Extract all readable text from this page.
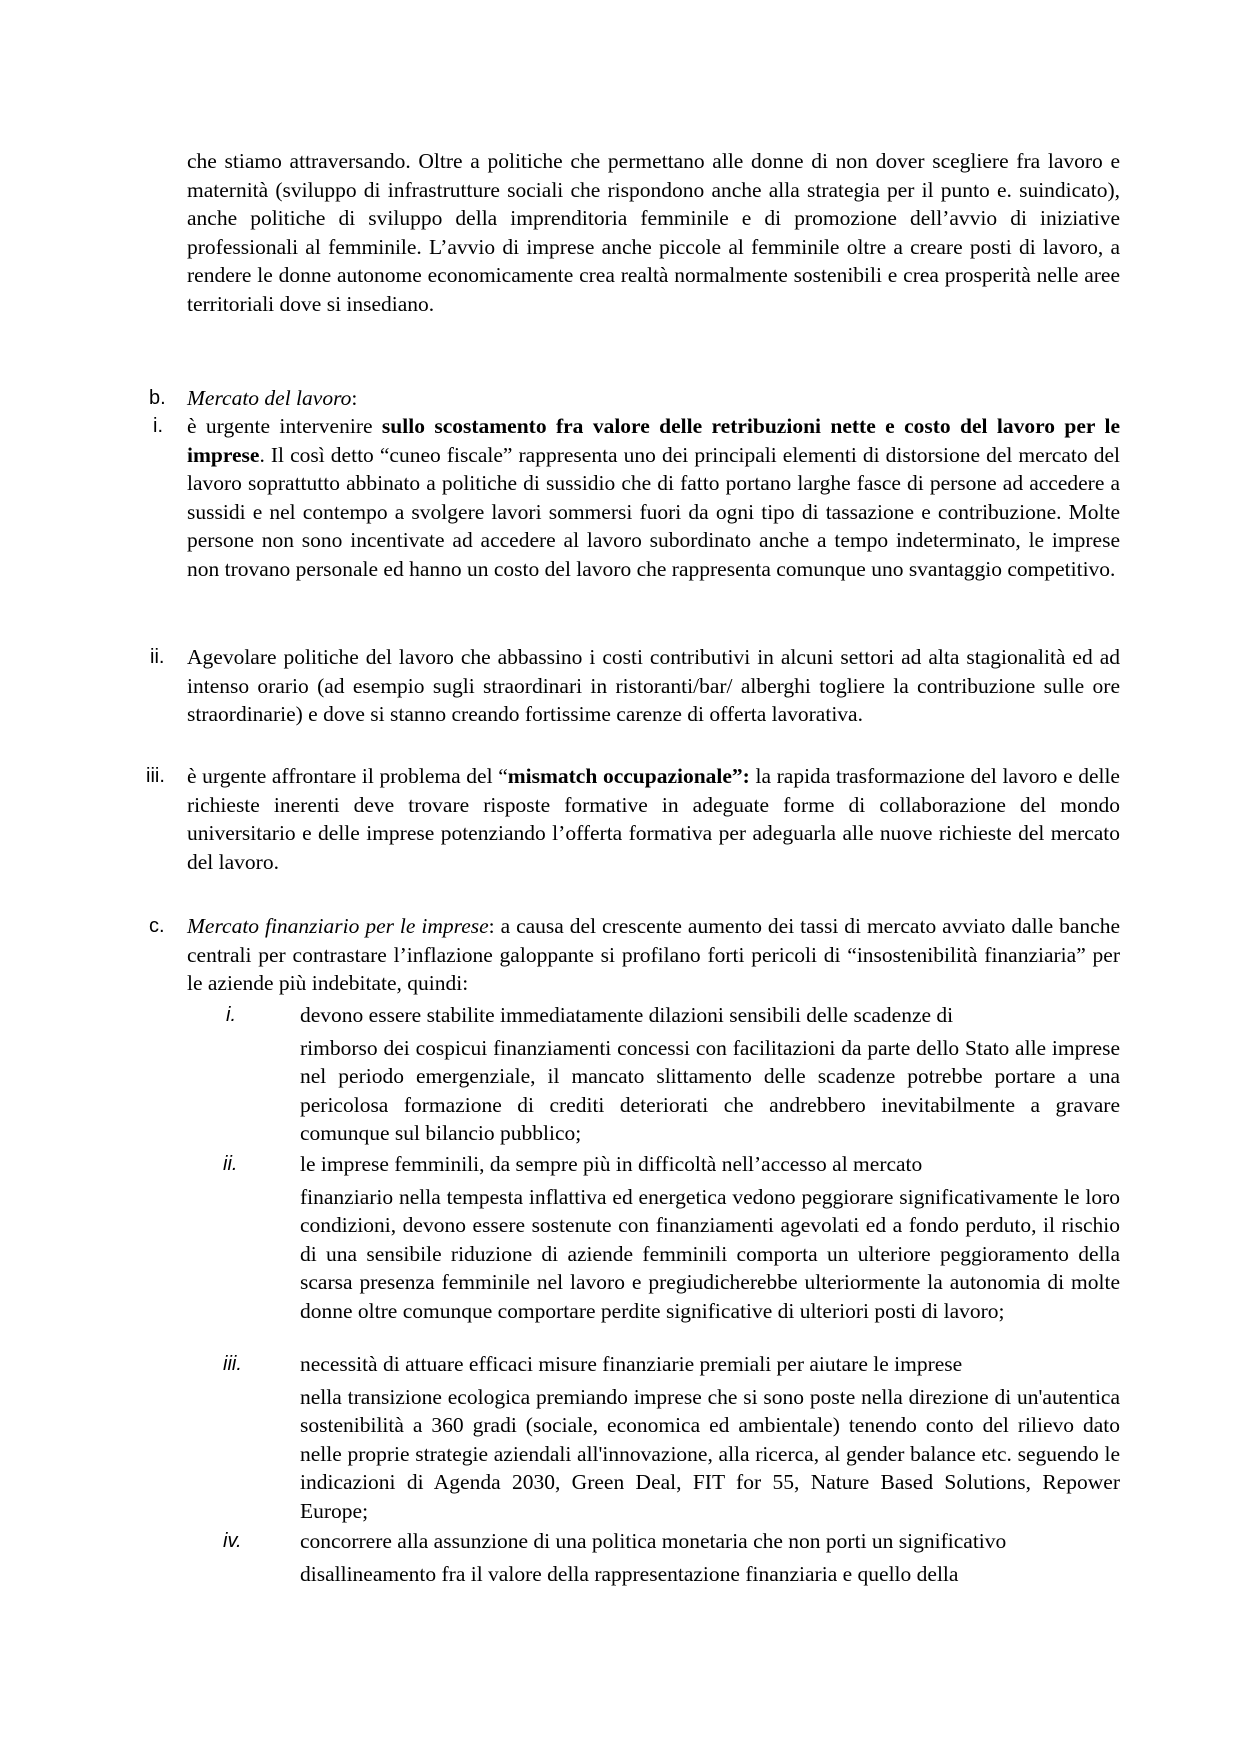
che stiamo attraversando. Oltre a politiche che permettano alle donne di non dover scegliere fra lavoro e maternità (sviluppo di infrastrutture sociali che rispondono anche alla strategia per il punto e. suindicato), anche politiche di sviluppo della imprenditoria femminile e di promozione dell’avvio di iniziative professionali al femminile. L’avvio di imprese anche piccole al femminile oltre a creare posti di lavoro, a rendere le donne autonome economicamente crea realtà normalmente sostenibili e crea prosperità nelle aree territoriali dove si insediano.

b. Mercato del lavoro:

i. è urgente intervenire sullo scostamento fra valore delle retribuzioni nette e costo del lavoro per le imprese. Il così detto “cuneo fiscale” rappresenta uno dei principali elementi di distorsione del mercato del lavoro soprattutto abbinato a politiche di sussidio che di fatto portano larghe fasce di persone ad accedere a sussidi e nel contempo a svolgere lavori sommersi fuori da ogni tipo di tassazione e contribuzione. Molte persone non sono incentivate ad accedere al lavoro subordinato anche a tempo indeterminato, le imprese non trovano personale ed hanno un costo del lavoro che rappresenta comunque uno svantaggio competitivo.

ii. Agevolare politiche del lavoro che abbassino i costi contributivi in alcuni settori ad alta stagionalità ed ad intenso orario (ad esempio sugli straordinari in ristoranti/bar/ alberghi togliere la contribuzione sulle ore straordinarie) e dove si stanno creando fortissime carenze di offerta lavorativa.

iii. è urgente affrontare il problema del “mismatch occupazionale”: la rapida trasformazione del lavoro e delle richieste inerenti deve trovare risposte formative in adeguate forme di collaborazione del mondo universitario e delle imprese potenziando l’offerta formativa per adeguarla alle nuove richieste del mercato del lavoro.

c. Mercato finanziario per le imprese: a causa del crescente aumento dei tassi di mercato avviato dalle banche centrali per contrastare l’inflazione galoppante si profilano forti pericoli di “insostenibilità finanziaria” per le aziende più indebitate, quindi:

i.	devono essere stabilite immediatamente dilazioni sensibili delle scadenze di
rimborso dei cospicui finanziamenti concessi con facilitazioni da parte dello Stato alle imprese nel periodo emergenziale, il mancato slittamento delle scadenze potrebbe portare a una pericolosa formazione di crediti deteriorati che andrebbero inevitabilmente a gravare comunque sul bilancio pubblico;

ii.	le imprese femminili, da sempre più in difficoltà nell’accesso al mercato
finanziario nella tempesta inflattiva ed energetica vedono peggiorare significativamente le loro condizioni, devono essere sostenute con finanziamenti agevolati ed a fondo perduto, il rischio di una sensibile riduzione di aziende femminili comporta un ulteriore peggioramento della scarsa presenza femminile nel lavoro e pregiudicherebbe ulteriormente la autonomia di molte donne oltre comunque comportare perdite significative di ulteriori posti di lavoro;

iii.	necessità di attuare efficaci misure finanziarie premiali per aiutare le imprese
nella transizione ecologica premiando imprese che si sono poste nella direzione di un'autentica sostenibilità a 360 gradi (sociale, economica ed ambientale) tenendo conto del rilievo dato nelle proprie strategie aziendali all'innovazione, alla ricerca, al gender balance etc. seguendo le indicazioni di Agenda 2030, Green Deal, FIT for 55, Nature Based Solutions, Repower Europe;

iv.	concorrere alla assunzione di una politica monetaria che non porti un significativo
disallineamento fra il valore della rappresentazione finanziaria e quello della
